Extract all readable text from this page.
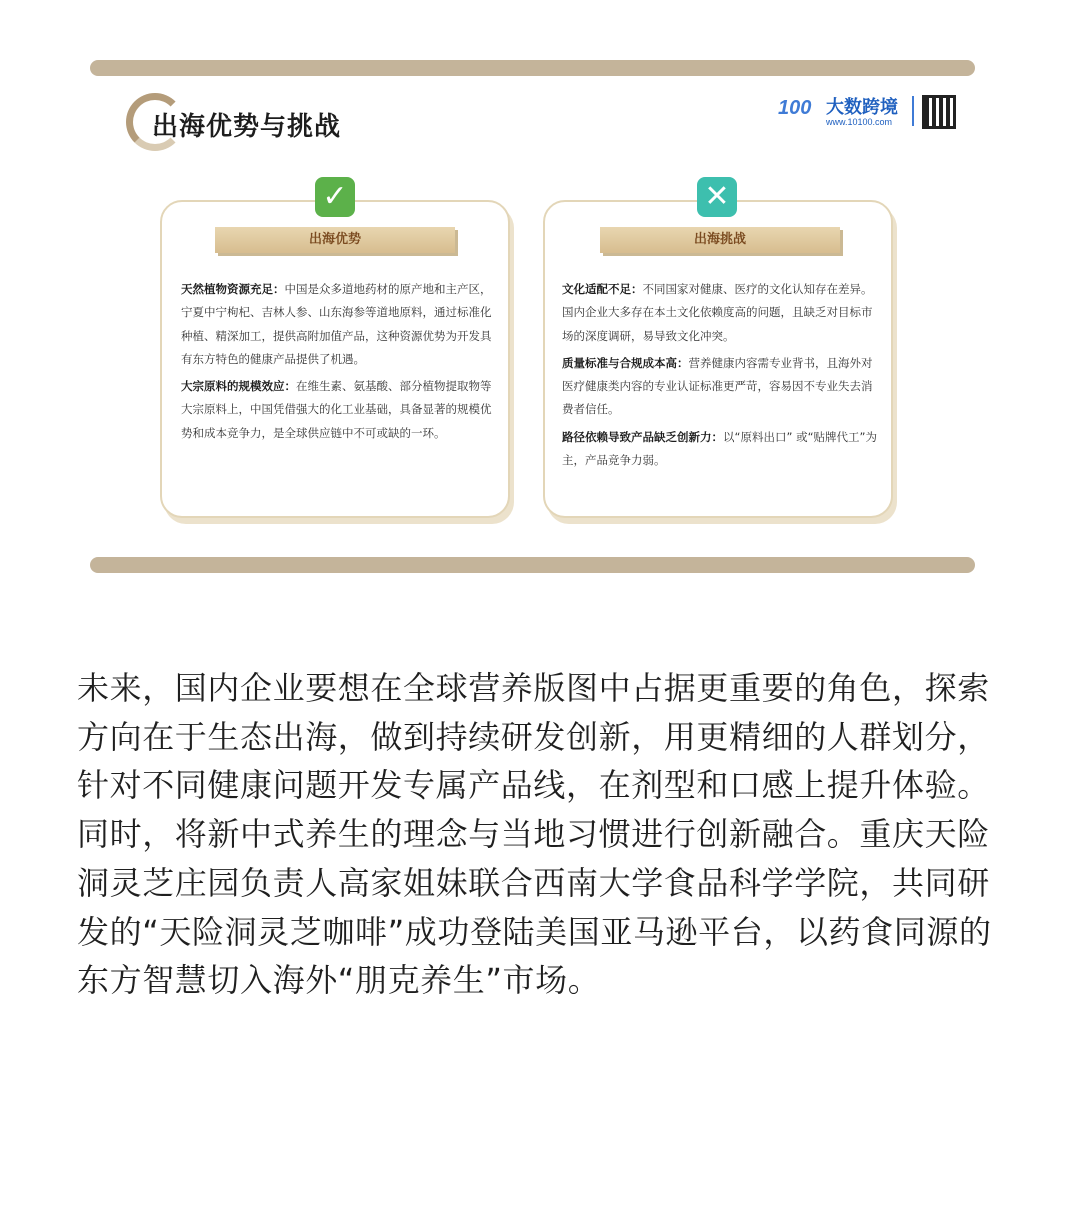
出海优势与挑战
100 大数跨境
www.10100.com
✓	✕
出海优势	出海挑战

天然植物资源充足：中国是众多道地药材的原产地和主产区，宁夏中宁枸杞、吉林人参、山东海参等道地原料，通过标准化种植、精深加工，提供高附加值产品，这种资源优势为开发具有东方特色的健康产品提供了机遇。

大宗原料的规模效应：在维生素、氨基酸、部分植物提取物等大宗原料上，中国凭借强大的化工业基础，具备显著的规模优势和成本竞争力，是全球供应链中不可或缺的一环。

文化适配不足：不同国家对健康、医疗的文化认知存在差异。国内企业大多存在本土文化依赖度高的问题，且缺乏对目标市场的深度调研，易导致文化冲突。

质量标准与合规成本高：营养健康内容需专业背书，且海外对医疗健康类内容的专业认证标准更严苛，容易因不专业失去消费者信任。

路径依赖导致产品缺乏创新力：以“原料出口” 或“贴牌代工”为主，产品竞争力弱。

未来，国内企业要想在全球营养版图中占据更重要的角色，探索方向在于生态出海，做到持续研发创新，用更精细的人群划分，针对不同健康问题开发专属产品线，在剂型和口感上提升体验。同时，将新中式养生的理念与当地习惯进行创新融合。重庆天险洞灵芝庄园负责人高家姐妹联合西南大学食品科学学院，共同研发的“天险洞灵芝咖啡”成功登陆美国亚马逊平台，以药食同源的东方智慧切入海外“朋克养生”市场。
